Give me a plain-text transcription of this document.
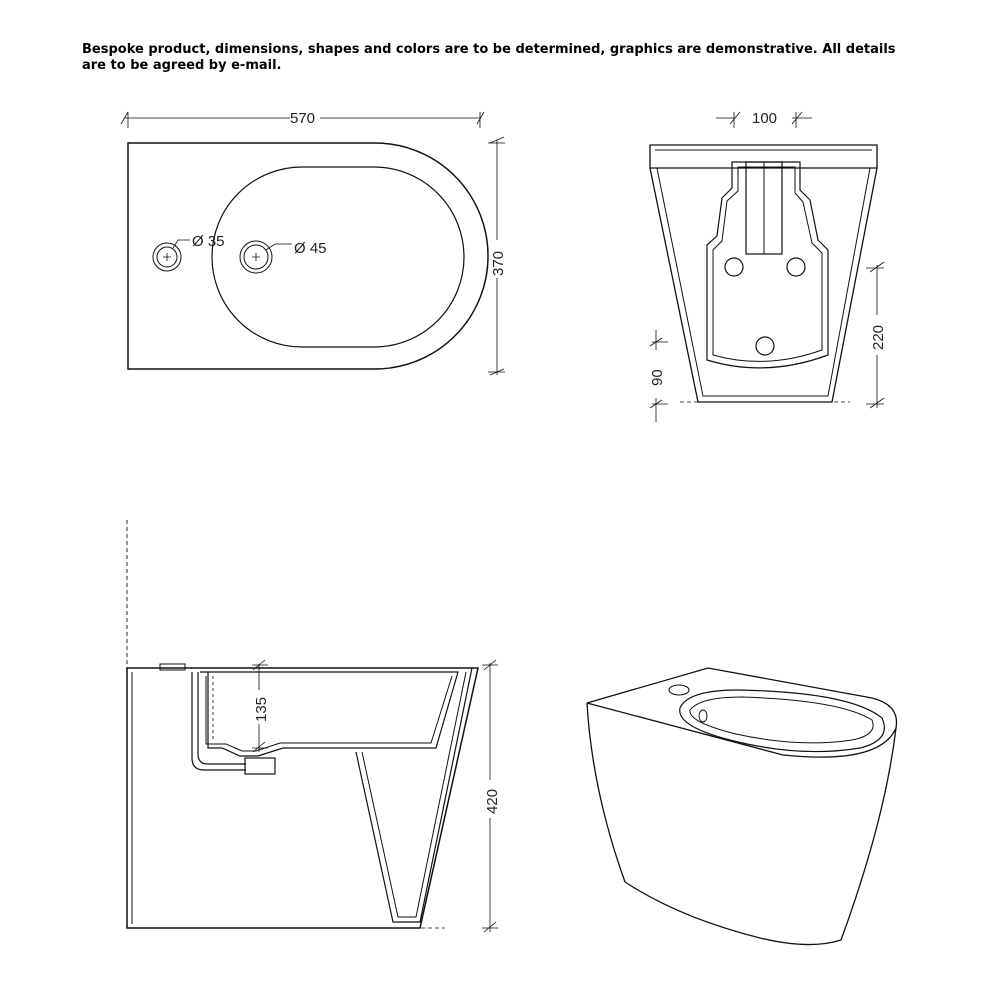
Bespoke product, dimensions, shapes and colors are to be determined, graphics are demonstrative. All details are to be agreed by e-mail.
Ø 35	Ø 45
570
370
100
220
90
135
420
